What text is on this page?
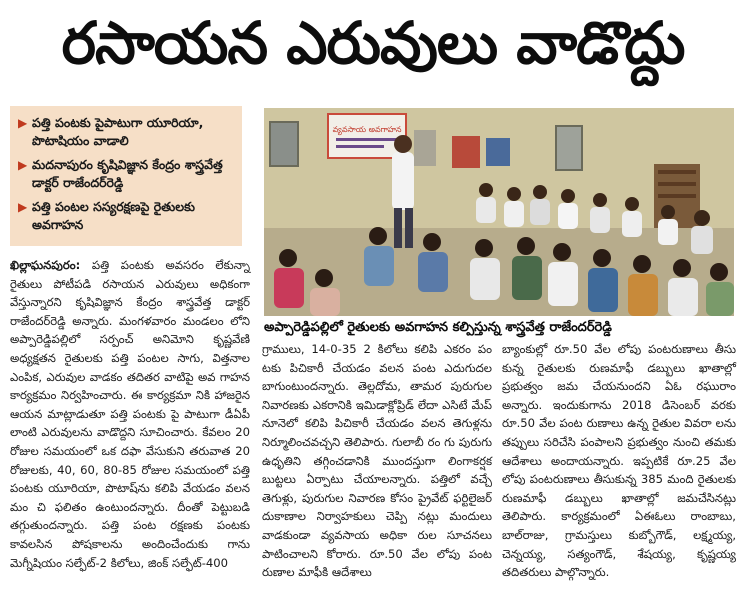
రసాయన ఎరువులు వాడొద్దు
▶ పత్తి పంటకు పైపాటుగా యూరియా, పొటాషియం వాడాలి
▶ మదనాపురం కృషివిజ్ఞాన కేంద్రం శాస్త్రవేత్త డాక్టర్ రాజేందర్‌రెడ్డి
▶ పత్తి పంటల సస్యరక్షణపై రైతులకు అవగాహన
వ్యవసాయ అవగాహన
అప్పారెడ్డిపల్లిలో రైతులకు అవగాహన కల్పిస్తున్న శాస్త్రవేత్త రాజేందర్‌రెడ్డి

ఖిల్లాఘనపురం: పత్తి పంటకు అవసరం లేకున్నా రైతులు పోటీపడి రసాయన ఎరువులు అధికంగా వేస్తున్నారని కృషివిజ్ఞాన కేంద్రం శాస్త్రవేత్త డాక్టర్ రాజేందర్‌రెడ్డి అన్నారు. మంగళవారం మండలం లోని అప్పారెడ్డిపల్లిలో సర్పంచ్ అనిమోని కృష్ణవేణి అధ్యక్షతన రైతులకు పత్తి పంటల సాగు, విత్తనాల ఎంపిక, ఎరువుల వాడకం తదితర వాటిపై అవ గాహన కార్యక్రమం నిర్వహించారు. ఈ కార్యక్రమా నికి హాజరైన ఆయన మాట్లాడుతూ పత్తి పంటకు పై పాటుగా డీఏపీ లాంటి ఎరువులను వాడొద్దని సూచించారు. కేవలం 20 రోజుల సమయంలో ఒక దఫా వేసుకుని తరువాత 20 రోజులకు, 40, 60, 80-85 రోజుల సమయంలో పత్తి పంటకు యూరియా, పొటాష్‌ను కలిపి వేయడం వలన మం చి ఫలితం ఉంటుందన్నారు. దీంతో పెట్టుబడి తగ్గుతుందన్నారు. పత్తి పంట రక్షణకు పంటకు కావలసిన పోషకాలను అందించేందుకు గాను మెగ్నీషియం సల్ఫేట్-2 కిలోలు, జింక్ సల్ఫేట్-400

గ్రాములు, 14-0-35 2 కిలోలు కలిపి ఎకరం పం టకు పిచికారీ చేయడం వలన పంట ఎదుగుదల బాగుంటుందన్నారు. తెల్లదోమ, తామర పురుగుల నివారణకు ఎకరానికి ఇమిడాక్లోప్రిడ్ లేదా ఎసిటే మేప్ నూనెలో కలిపి పిచికారీ చేయడం వలన తెగుళ్లను నిర్మూలించవచ్చని తెలిపారు. గులాబీ రం గు పురుగు ఉధృతిని తగ్గించడానికి ముందస్తుగా లింగాకర్షక బుట్టలు ఏర్పాటు చేయాలన్నారు. పత్తిలో వచ్చే తెగుళ్లు, పురుగుల నివారణ కోసం ప్రైవేట్ ఫర్టిలైజర్ దుకాణాల నిర్వాహకులు చెప్పి నట్లు మందులు వాడకుండా వ్యవసాయ అధికా రుల సూచనలు పాటించాలని కోరారు. రూ.50 వేల లోపు పంట రుణాల మాఫీకి ఆదేశాలు

బ్యాంకుల్లో రూ.50 వేల లోపు పంటరుణాలు తీసు కున్న రైతులకు రుణమాఫీ డబ్బులు ఖాతాల్లో ప్రభుత్వం జమ చేయనుందని ఏఓ రఘురాం అన్నారు. ఇందుకుగాను 2018 డిసెంబర్ వరకు రూ.50 వేల పంట రుణాలు ఉన్న రైతుల వివరా లను తప్పులు సరిచేసి పంపాలని ప్రభుత్వం నుంచి తమకు ఆదేశాలు అందాయన్నారు. ఇప్పటికే రూ.25 వేల లోపు పంటరుణాలు తీసుకున్న 385 మంది రైతులకు రుణమాఫీ డబ్బులు ఖాతాల్లో జమచేసినట్లు తెలిపారు. కార్యక్రమంలో ఏఈఓలు రాంబాబు, బాల్‌రాజు, గ్రామస్తులు కుబ్బోగౌడ్, లక్ష్మయ్య, చెన్నయ్య, సత్యంగౌడ్, శేషయ్య, కృష్ణయ్య తదితరులు పాల్గొన్నారు.
